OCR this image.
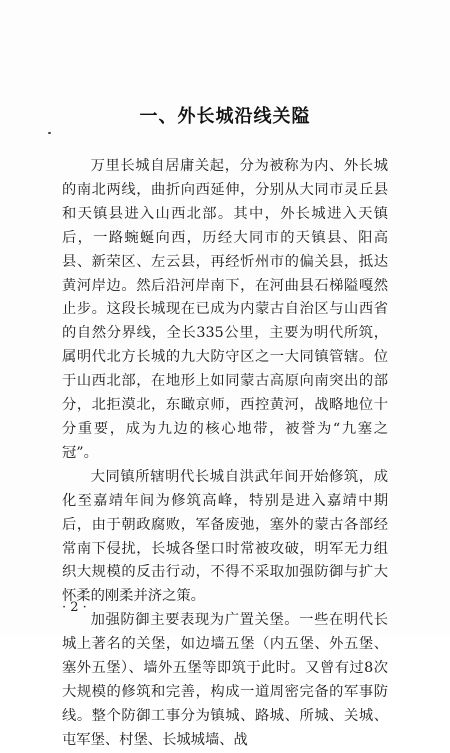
一、外长城沿线关隘

万里长城自居庸关起，分为被称为内、外长城的南北两线，曲折向西延伸，分别从大同市灵丘县和天镇县进入山西北部。其中，外长城进入天镇后，一路蜿蜒向西，历经大同市的天镇县、阳高县、新荣区、左云县，再经忻州市的偏关县，抵达黄河岸边。然后沿河岸南下，在河曲县石梯隘嘎然止步。这段长城现在已成为内蒙古自治区与山西省的自然分界线，全长335公里，主要为明代所筑，属明代北方长城的九大防守区之一大同镇管辖。位于山西北部，在地形上如同蒙古高原向南突出的部分，北拒漠北，东瞰京师，西控黄河，战略地位十分重要，成为九边的核心地带，被誉为“九塞之冠”。

大同镇所辖明代长城自洪武年间开始修筑，成化至嘉靖年间为修筑高峰，特别是进入嘉靖中期后，由于朝政腐败，军备废弛，塞外的蒙古各部经常南下侵扰，长城各堡口时常被攻破，明军无力组织大规模的反击行动，不得不采取加强防御与扩大怀柔的刚柔并济之策。

加强防御主要表现为广置关堡。一些在明代长城上著名的关堡，如边墙五堡（内五堡、外五堡、塞外五堡）、墙外五堡等即筑于此时。又曾有过8次大规模的修筑和完善，构成一道周密完备的军事防线。整个防御工事分为镇城、路城、所城、关城、屯军堡、村堡、长城城墙、战

· 2 ·
